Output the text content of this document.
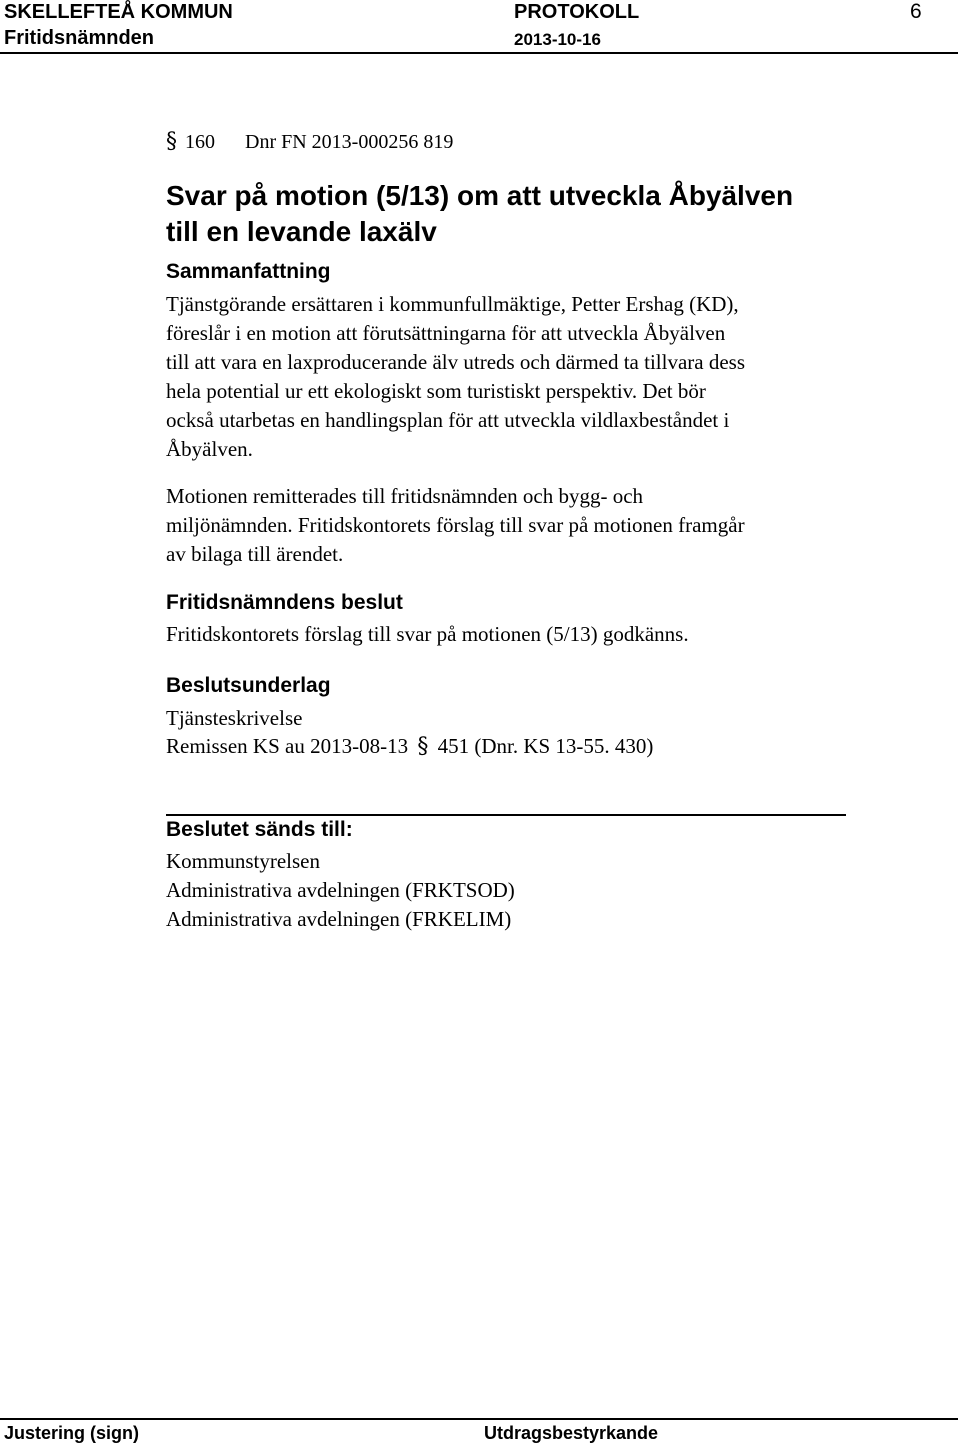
SKELLEFTEÅ KOMMUN	PROTOKOLL	6
Fritidsnämnden	2013-10-16
§ 160 Dnr FN 2013-000256 819
Svar på motion (5/13) om att utveckla Åbyälven
till en levande laxälv
Sammanfattning
Tjänstgörande ersättaren i kommunfullmäktige, Petter Ershag (KD),
föreslår i en motion att förutsättningarna för att utveckla Åbyälven
till att vara en laxproducerande älv utreds och därmed ta tillvara dess
hela potential ur ett ekologiskt som turistiskt perspektiv. Det bör
också utarbetas en handlingsplan för att utveckla vildlaxbeståndet i
Åbyälven.
Motionen remitterades till fritidsnämnden och bygg- och
miljönämnden. Fritidskontorets förslag till svar på motionen framgår
av bilaga till ärendet.
Fritidsnämndens beslut
Fritidskontorets förslag till svar på motionen (5/13) godkänns.
Beslutsunderlag
Tjänsteskrivelse
Remissen KS au 2013-08-13 § 451 (Dnr. KS 13-55. 430)
Beslutet sänds till:
Kommunstyrelsen
Administrativa avdelningen (FRKTSOD)
Administrativa avdelningen (FRKELIM)
Justering (sign)	Utdragsbestyrkande
